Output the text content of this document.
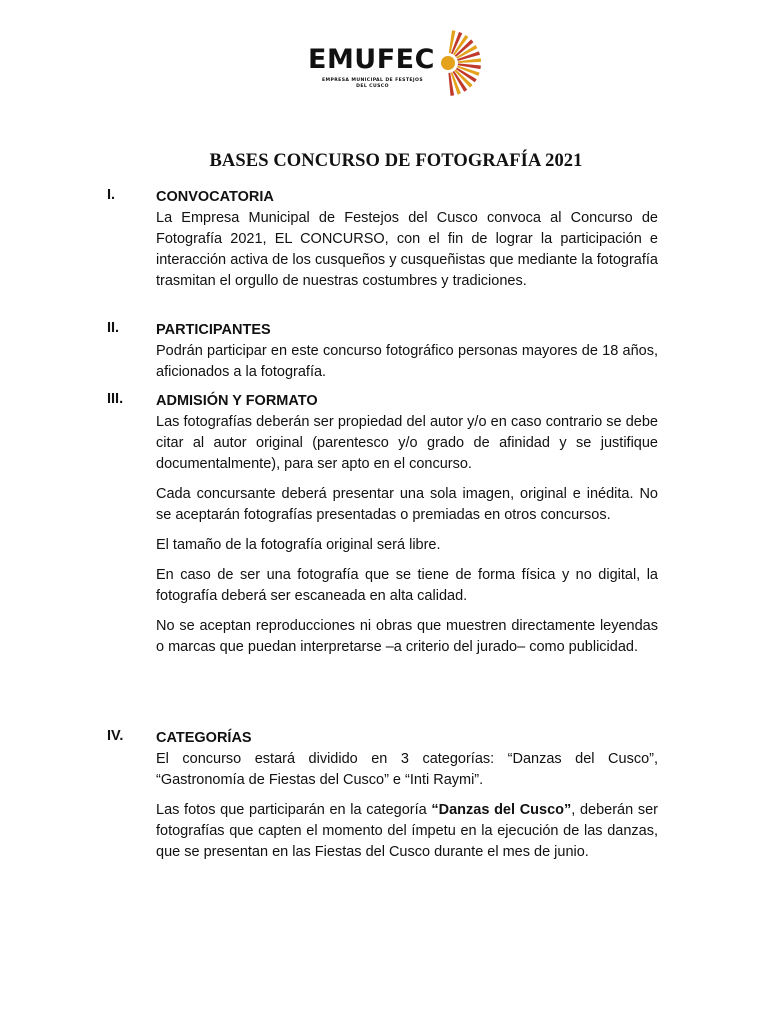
EMUFEC
EMPRESA MUNICIPAL DE FESTEJOS
DEL CUSCO
BASES CONCURSO DE FOTOGRAFÍA 2021
I.	CONVOCATORIA

La Empresa Municipal de Festejos del Cusco convoca al Concurso de Fotografía 2021, EL CONCURSO, con el fin de lograr la participación e interacción activa de los cusqueños y cusqueñistas que mediante la fotografía trasmitan el orgullo de nuestras costumbres y tradiciones.

II.	PARTICIPANTES

Podrán participar en este concurso fotográfico personas mayores de 18 años, aficionados a la fotografía.

III. ADMISIÓN Y FORMATO

Las fotografías deberán ser propiedad del autor y/o en caso contrario se debe citar al autor original (parentesco y/o grado de afinidad y se justifique documentalmente), para ser apto en el concurso.

Cada concursante deberá presentar una sola imagen, original e inédita. No se aceptarán fotografías presentadas o premiadas en otros concursos.

El tamaño de la fotografía original será libre.

En caso de ser una fotografía que se tiene de forma física y no digital, la fotografía deberá ser escaneada en alta calidad.

No se aceptan reproducciones ni obras que muestren directamente leyendas o marcas que puedan interpretarse –a criterio del jurado– como publicidad.

IV. CATEGORÍAS

El concurso estará dividido en 3 categorías: “Danzas del Cusco”, “Gastronomía de Fiestas del Cusco” e “Inti Raymi”.

Las fotos que participarán en la categoría “Danzas del Cusco”, deberán ser fotografías que capten el momento del ímpetu en la ejecución de las danzas, que se presentan en las Fiestas del Cusco durante el mes de junio.
